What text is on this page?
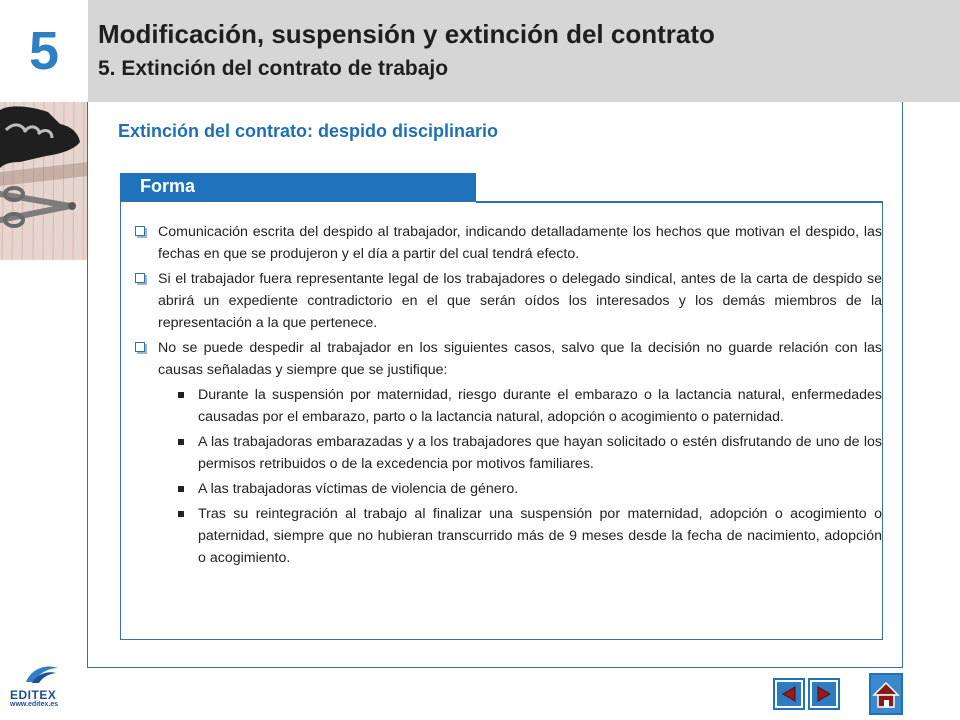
5	Modificación, suspensión y extinción del contrato
5. Extinción del contrato de trabajo
Extinción del contrato: despido disciplinario
Forma
Comunicación escrita del despido al trabajador, indicando detalladamente los hechos que motivan el despido, las fechas en que se produjeron y el día a partir del cual tendrá efecto.
Si el trabajador fuera representante legal de los trabajadores o delegado sindical, antes de la carta de despido se abrirá un expediente contradictorio en el que serán oídos los interesados y los demás miembros de la representación a la que pertenece.
No se puede despedir al trabajador en los siguientes casos, salvo que la decisión no guarde relación con las causas señaladas y siempre que se justifique:
Durante la suspensión por maternidad, riesgo durante el embarazo o la lactancia natural, enfermedades causadas por el embarazo, parto o la lactancia natural, adopción o acogimiento o paternidad.
A las trabajadoras embarazadas y a los trabajadores que hayan solicitado o estén disfrutando de uno de los permisos retribuidos o de la excedencia por motivos familiares.
A las trabajadoras víctimas de violencia de género.
Tras su reintegración al trabajo al finalizar una suspensión por maternidad, adopción o acogimiento o paternidad, siempre que no hubieran transcurrido más de 9 meses desde la fecha de nacimiento, adopción o acogimiento.
EDITEX
www.editex.es
